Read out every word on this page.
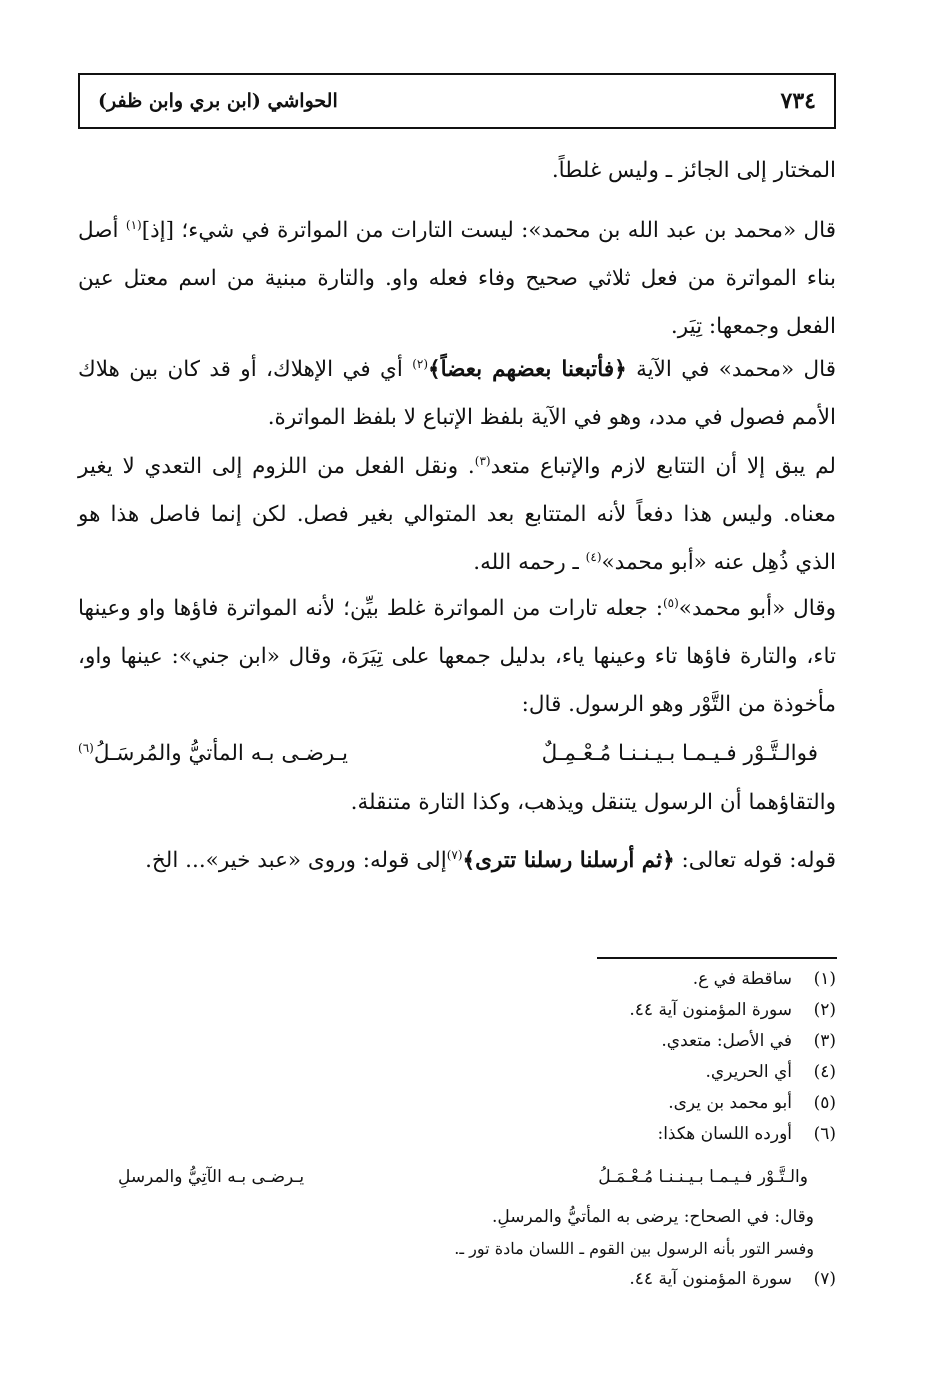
٧٣٤
الحواشي (ابن بري وابن ظفر)
المختار إلى الجائز ـ وليس غلطاً.
قال «محمد بن عبد الله بن محمد»: ليست التارات من المواترة في شيء؛ [إذ]$^{(١)}$ أصل بناء المواترة من فعل ثلاثي صحيح وفاء فعله واو. والتارة مبنية من اسم معتل عين الفعل وجمعها: تِيَر.
قال «محمد» في الآية ﴿فأتبعنا بعضهم بعضاً﴾$^{(٢)}$ أي في الإهلاك، أو قد كان بين هلاك الأمم فصول في مدد، وهو في الآية بلفظ الإتباع لا بلفظ المواترة.
لم يبق إلا أن التتابع لازم والإتباع متعد$^{(٣)}$. ونقل الفعل من اللزوم إلى التعدي لا يغير معناه. وليس هذا دفعاً لأنه المتتابع بعد المتوالي بغير فصل. لكن إنما فاصل هذا هو الذي ذُهِل عنه «أبو محمد»$^{(٤)}$ ـ رحمه الله.
وقال «أبو محمد»$^{(٥)}$: جعله تارات من المواترة غلط بيِّن؛ لأنه المواترة فاؤها واو وعينها تاء، والتارة فاؤها تاء وعينها ياء، بدليل جمعها على تِيَرَة، وقال «ابن جني»: عينها واو، مأخوذة من التَّوْر وهو الرسول. قال:
فوالـتَّـوْر فـيـمـا بـيـنـنـا مُـعْـمِـلٌ
يـرضـى بـه المأتيُّ والمُرسَـلُ$^{(٦)}$
والتقاؤهما أن الرسول يتنقل ويذهب، وكذا التارة متنقلة.
قوله: قوله تعالى: ﴿ثم أرسلنا رسلنا تترى﴾$^{(٧)}$إلى قوله: وروى «عبد خير»... الخ.
(١)
ساقطة في ع.
(٢)
سورة المؤمنون آية ٤٤.
(٣)
في الأصل: متعدي.
(٤)
أي الحريري.
(٥)
أبو محمد بن يرى.
(٦)
أورده اللسان هكذا:
والـتَّـوْر فـيـمـا بـيـنـنـا مُـعْـمَـلُ
يـرضـى بـه الآتِيُّ والمرسلِ
وقال: في الصحاح: يرضى به المأتيُّ والمرسلِ.
وفسر التور بأنه الرسول بين القوم ـ اللسان مادة تور ـ.
(٧)
سورة المؤمنون آية ٤٤.
